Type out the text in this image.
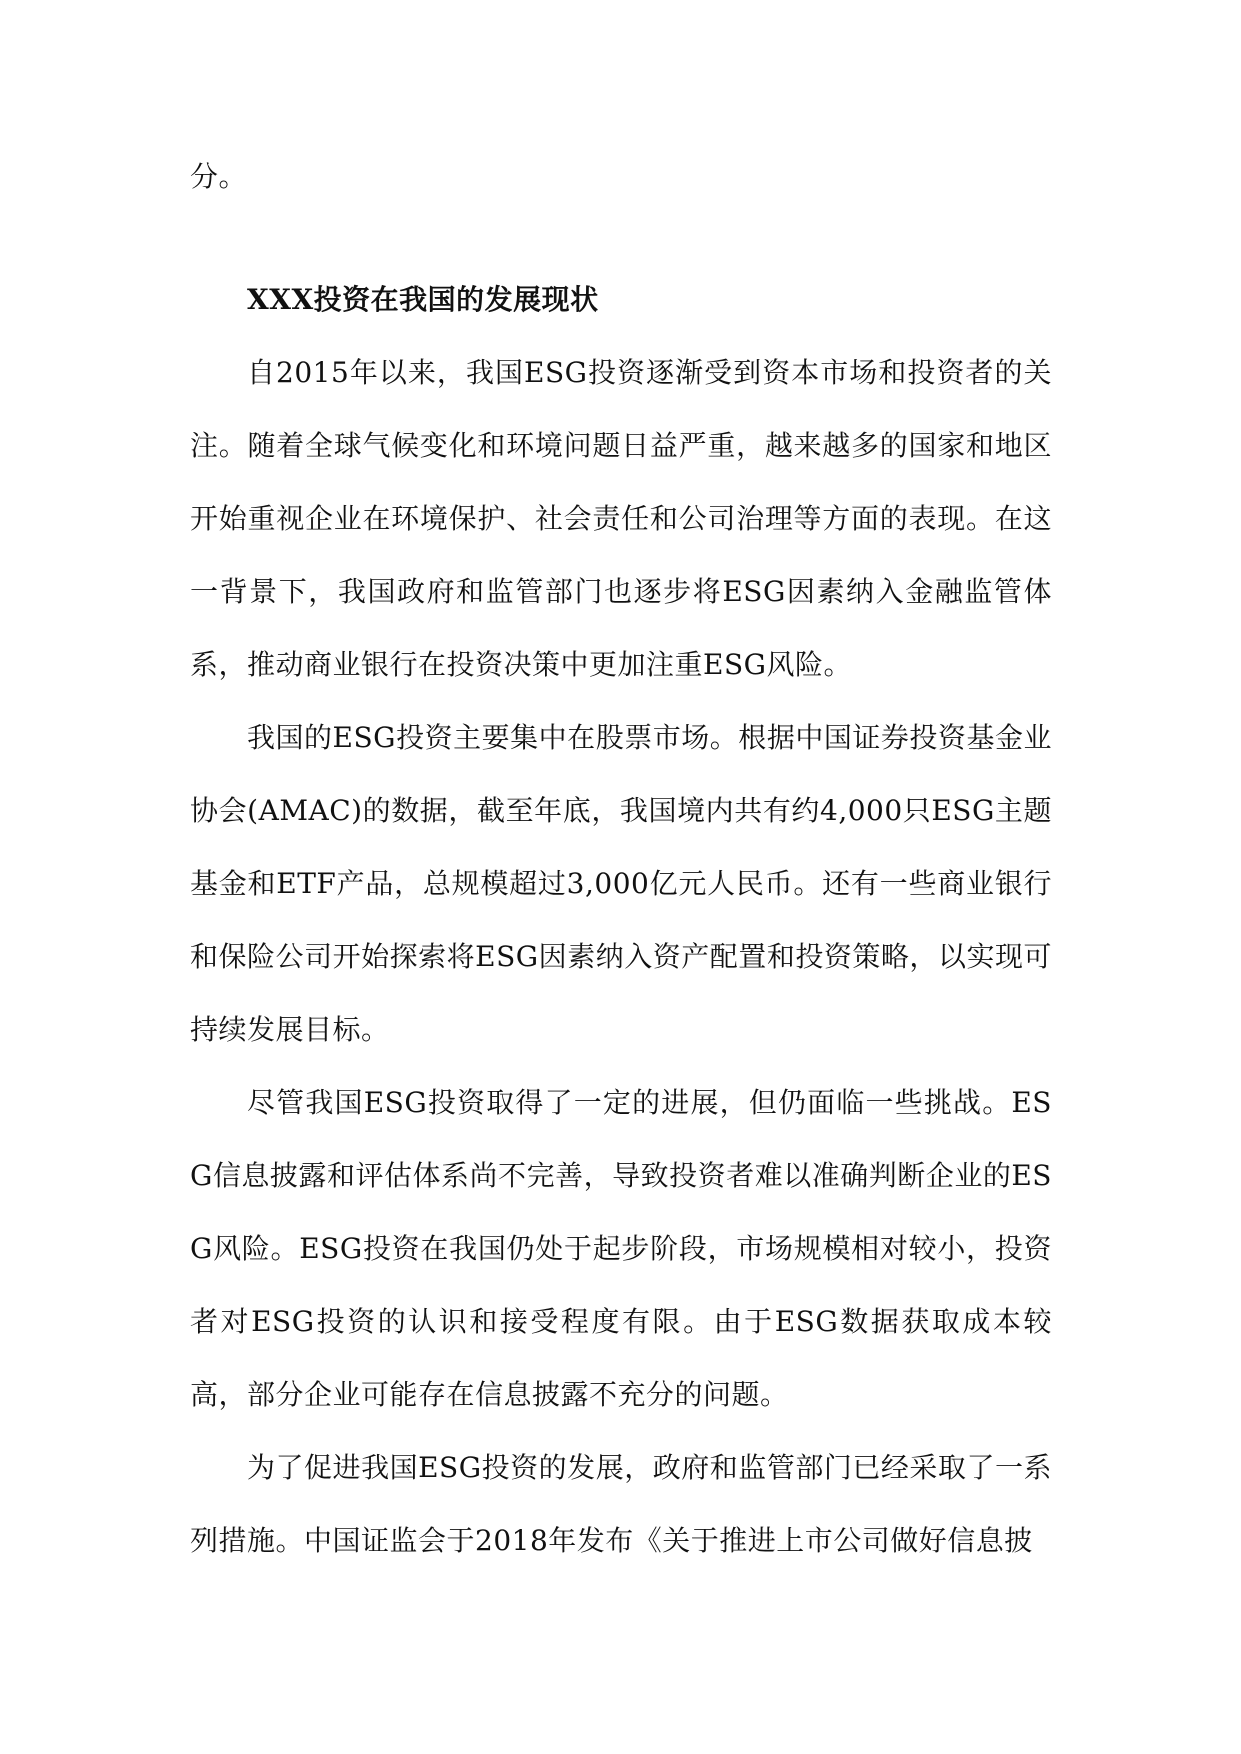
分。

XXX投资在我国的发展现状

自2015年以来，我国ESG投资逐渐受到资本市场和投资者的关注。随着全球气候变化和环境问题日益严重，越来越多的国家和地区开始重视企业在环境保护、社会责任和公司治理等方面的表现。在这一背景下，我国政府和监管部门也逐步将ESG因素纳入金融监管体系，推动商业银行在投资决策中更加注重ESG风险。

我国的ESG投资主要集中在股票市场。根据中国证券投资基金业协会(AMAC)的数据，截至年底，我国境内共有约4,000只ESG主题基金和ETF产品，总规模超过3,000亿元人民币。还有一些商业银行和保险公司开始探索将ESG因素纳入资产配置和投资策略，以实现可持续发展目标。

尽管我国ESG投资取得了一定的进展，但仍面临一些挑战。ESG信息披露和评估体系尚不完善，导致投资者难以准确判断企业的ESG风险。ESG投资在我国仍处于起步阶段，市场规模相对较小，投资者对ESG投资的认识和接受程度有限。由于ESG数据获取成本较高，部分企业可能存在信息披露不充分的问题。

为了促进我国ESG投资的发展，政府和监管部门已经采取了一系列措施。中国证监会于2018年发布《关于推进上市公司做好信息披
